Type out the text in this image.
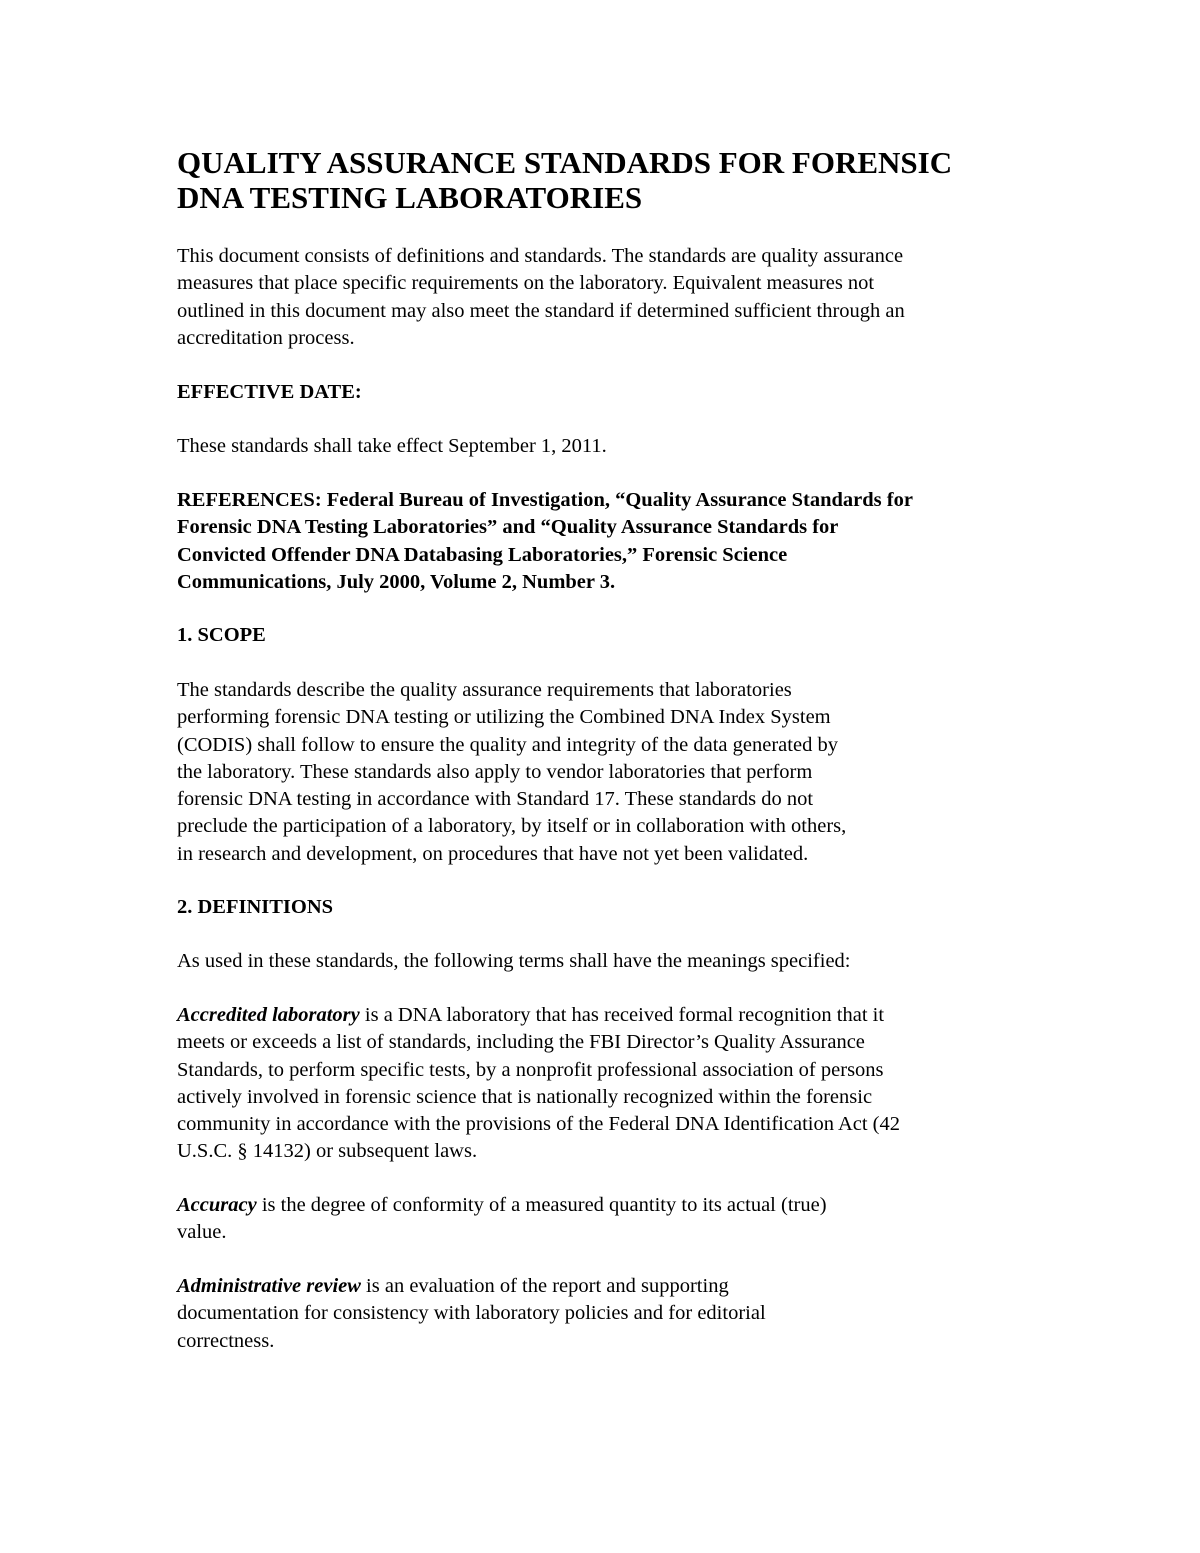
QUALITY ASSURANCE STANDARDS FOR FORENSIC
DNA TESTING LABORATORIES

This document consists of definitions and standards. The standards are quality assurance
measures that place specific requirements on the laboratory. Equivalent measures not
outlined in this document may also meet the standard if determined sufficient through an
accreditation process.

EFFECTIVE DATE:

These standards shall take effect September 1, 2011.

REFERENCES: Federal Bureau of Investigation, “Quality Assurance Standards for
Forensic DNA Testing Laboratories” and “Quality Assurance Standards for
Convicted Offender DNA Databasing Laboratories,” Forensic Science
Communications, July 2000, Volume 2, Number 3.

1. SCOPE

The standards describe the quality assurance requirements that laboratories
performing forensic DNA testing or utilizing the Combined DNA Index System
(CODIS) shall follow to ensure the quality and integrity of the data generated by
the laboratory. These standards also apply to vendor laboratories that perform
forensic DNA testing in accordance with Standard 17. These standards do not
preclude the participation of a laboratory, by itself or in collaboration with others,
in research and development, on procedures that have not yet been validated.

2. DEFINITIONS

As used in these standards, the following terms shall have the meanings specified:

Accredited laboratory is a DNA laboratory that has received formal recognition that it
meets or exceeds a list of standards, including the FBI Director’s Quality Assurance
Standards, to perform specific tests, by a nonprofit professional association of persons
actively involved in forensic science that is nationally recognized within the forensic
community in accordance with the provisions of the Federal DNA Identification Act (42
U.S.C. § 14132) or subsequent laws.

Accuracy is the degree of conformity of a measured quantity to its actual (true)
value.

Administrative review is an evaluation of the report and supporting
documentation for consistency with laboratory policies and for editorial
correctness.
